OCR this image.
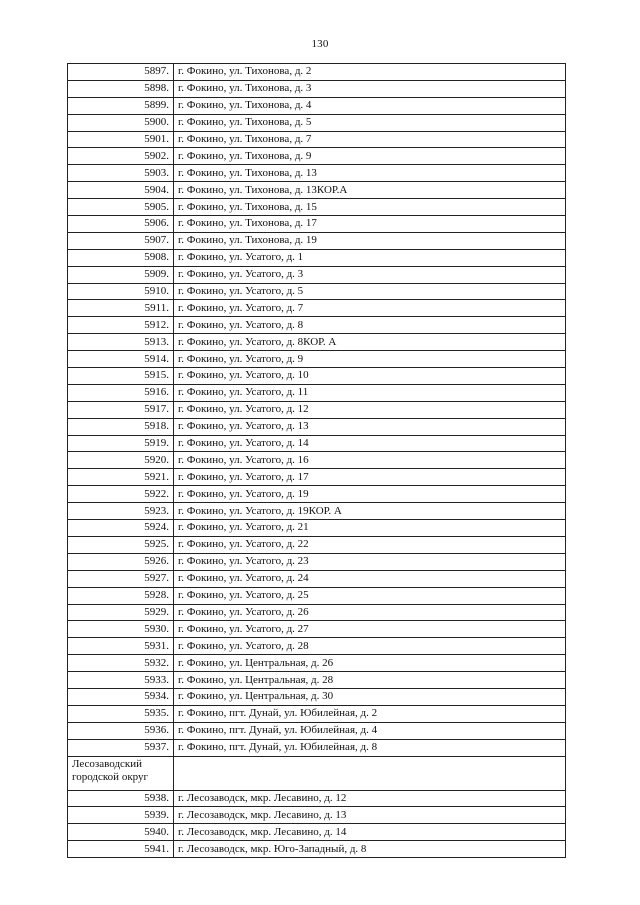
130
5897.	г. Фокино, ул. Тихонова, д. 2
5898.	г. Фокино, ул. Тихонова, д. 3
5899.	г. Фокино, ул. Тихонова, д. 4
5900.	г. Фокино, ул. Тихонова, д. 5
5901.	г. Фокино, ул. Тихонова, д. 7
5902.	г. Фокино, ул. Тихонова, д. 9
5903.	г. Фокино, ул. Тихонова, д. 13
5904.	г. Фокино, ул. Тихонова, д. 13КОР.А
5905.	г. Фокино, ул. Тихонова, д. 15
5906.	г. Фокино, ул. Тихонова, д. 17
5907.	г. Фокино, ул. Тихонова, д. 19
5908.	г. Фокино, ул. Усатого, д. 1
5909.	г. Фокино, ул. Усатого, д. 3
5910.	г. Фокино, ул. Усатого, д. 5
5911.	г. Фокино, ул. Усатого, д. 7
5912.	г. Фокино, ул. Усатого, д. 8
5913.	г. Фокино, ул. Усатого, д. 8КОР. А
5914.	г. Фокино, ул. Усатого, д. 9
5915.	г. Фокино, ул. Усатого, д. 10
5916.	г. Фокино, ул. Усатого, д. 11
5917.	г. Фокино, ул. Усатого, д. 12
5918.	г. Фокино, ул. Усатого, д. 13
5919.	г. Фокино, ул. Усатого, д. 14
5920.	г. Фокино, ул. Усатого, д. 16
5921.	г. Фокино, ул. Усатого, д. 17
5922.	г. Фокино, ул. Усатого, д. 19
5923.	г. Фокино, ул. Усатого, д. 19КОР. А
5924.	г. Фокино, ул. Усатого, д. 21
5925.	г. Фокино, ул. Усатого, д. 22
5926.	г. Фокино, ул. Усатого, д. 23
5927.	г. Фокино, ул. Усатого, д. 24
5928.	г. Фокино, ул. Усатого, д. 25
5929.	г. Фокино, ул. Усатого, д. 26
5930.	г. Фокино, ул. Усатого, д. 27
5931.	г. Фокино, ул. Усатого, д. 28
5932.	г. Фокино, ул. Центральная, д. 26
5933.	г. Фокино, ул. Центральная, д. 28
5934.	г. Фокино, ул. Центральная, д. 30
5935.	г. Фокино, пгт. Дунай, ул. Юбилейная, д. 2
5936.	г. Фокино, пгт. Дунай, ул. Юбилейная, д. 4
5937.	г. Фокино, пгт. Дунай, ул. Юбилейная, д. 8
Лесозаводский городской округ	
5938.	г. Лесозаводск, мкр. Лесавино, д. 12
5939.	г. Лесозаводск, мкр. Лесавино, д. 13
5940.	г. Лесозаводск, мкр. Лесавино, д. 14
5941.	г. Лесозаводск, мкр. Юго-Западный, д. 8
